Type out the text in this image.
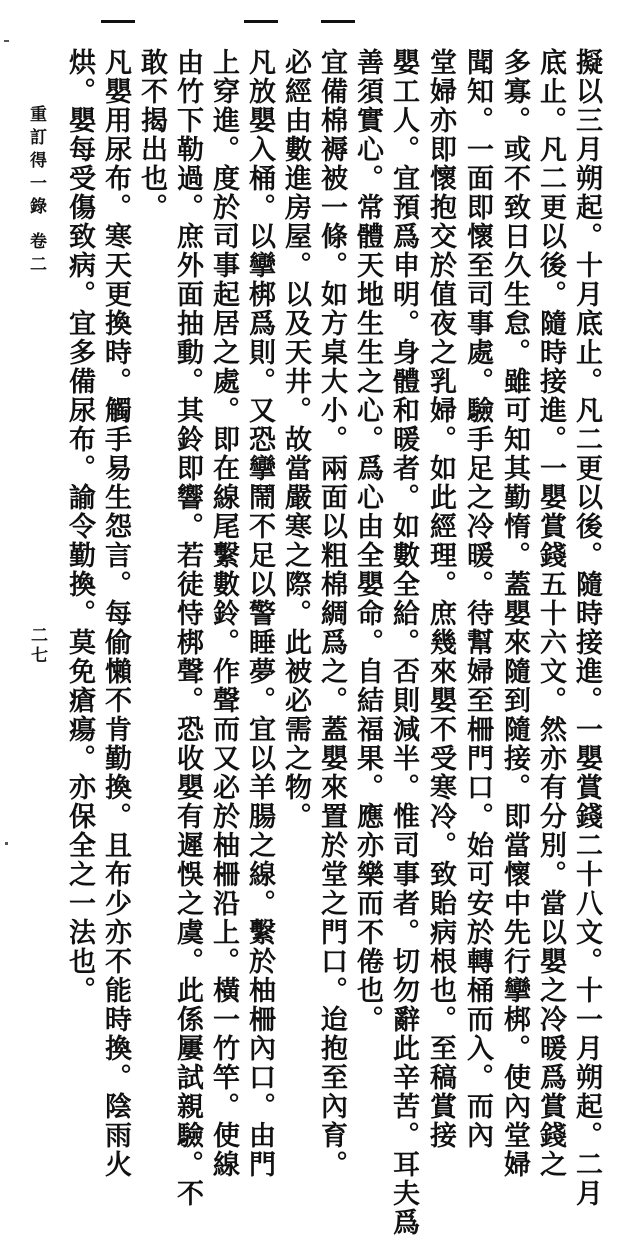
擬以三月朔起。十月底止。凡二更以後。隨時接進。一嬰賞錢二十八文。十一月朔起。二月
底止。凡二更以後。隨時接進。一嬰賞錢五十六文。然亦有分別。當以嬰之冷暖爲賞錢之
多寡。或不致日久生怠。雖可知其勤惰。蓋嬰來隨到隨接。即當懷中先行攣梆。使內堂婦
聞知。一面即懷至司事處。驗手足之冷暖。待幫婦至柵門口。始可安於轉桶而入。而內
堂婦亦即懷抱交於值夜之乳婦。如此經理。庶幾來嬰不受寒冷。致貽病根也。至稿賞接
嬰工人。宜預爲申明。身體和暖者。如數全給。否則減半。惟司事者。切勿辭此辛苦。耳夫爲
善須實心。常體天地生生之心。爲心由全嬰命。自結福果。應亦樂而不倦也。
宜備棉褥被一條。如方桌大小。兩面以粗棉綢爲之。蓋嬰來置於堂之門口。迨抱至內育。
必經由數進房屋。以及天井。故當嚴寒之際。此被必需之物。
凡放嬰入桶。以攣梆爲則。又恐攣鬧不足以警睡夢。宜以羊腸之線。繫於柚柵內口。由門
上穿進。度於司事起居之處。即在線尾繫數鈴。作聲而又必於柚柵沿上。橫一竹竿。使線
由竹下勒過。庶外面抽動。其鈴即響。若徒恃梆聲。恐收嬰有遲悞之虞。此係屢試親驗。不
敢不揭出也。
凡嬰用尿布。寒天更換時。觸手易生怨言。每偷懶不肯勤換。且布少亦不能時換。陰雨火
烘。嬰每受傷致病。宜多備尿布。諭令勤換。莫免瘡瘍。亦保全之一法也。
重訂得一錄
卷二
二七
